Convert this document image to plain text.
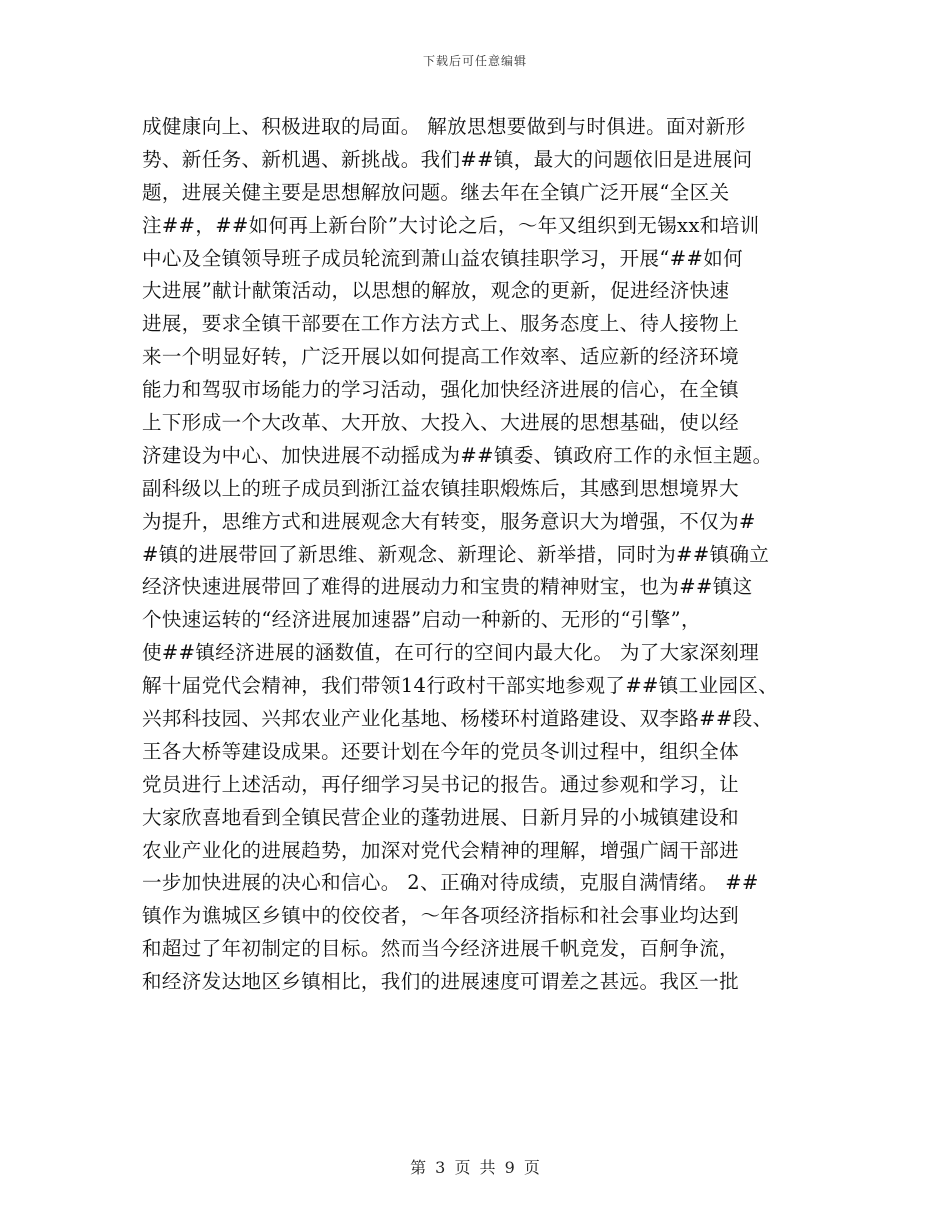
下载后可任意编辑
成健康向上、积极进取的局面。 解放思想要做到与时俱进。面对新形
势、新任务、新机遇、新挑战。我们##镇，最大的问题依旧是进展问
题，进展关健主要是思想解放问题。继去年在全镇广泛开展“全区关
注##，##如何再上新台阶”大讨论之后，～年又组织到无锡xx和培训
中心及全镇领导班子成员轮流到萧山益农镇挂职学习，开展“##如何
大进展”献计献策活动，以思想的解放，观念的更新，促进经济快速
进展，要求全镇干部要在工作方法方式上、服务态度上、待人接物上
来一个明显好转，广泛开展以如何提高工作效率、适应新的经济环境
能力和驾驭市场能力的学习活动，强化加快经济进展的信心，在全镇
上下形成一个大改革、大开放、大投入、大进展的思想基础，使以经
济建设为中心、加快进展不动摇成为##镇委、镇政府工作的永恒主题。
副科级以上的班子成员到浙江益农镇挂职煅炼后，其感到思想境界大
为提升，思维方式和进展观念大有转变，服务意识大为增强，不仅为#
#镇的进展带回了新思维、新观念、新理论、新举措，同时为##镇确立
经济快速进展带回了难得的进展动力和宝贵的精神财宝，也为##镇这
个快速运转的“经济进展加速器”启动一种新的、无形的“引擎”，
使##镇经济进展的涵数值，在可行的空间内最大化。 为了大家深刻理
解十届党代会精神，我们带领14行政村干部实地参观了##镇工业园区、
兴邦科技园、兴邦农业产业化基地、杨楼环村道路建设、双李路##段、
王各大桥等建设成果。还要计划在今年的党员冬训过程中，组织全体
党员进行上述活动，再仔细学习吴书记的报告。通过参观和学习，让
大家欣喜地看到全镇民营企业的蓬勃进展、日新月异的小城镇建设和
农业产业化的进展趋势，加深对党代会精神的理解，增强广阔干部进
一步加快进展的决心和信心。 2、正确对待成绩，克服自满情绪。 ##
镇作为谯城区乡镇中的佼佼者，～年各项经济指标和社会事业均达到
和超过了年初制定的目标。然而当今经济进展千帆竞发，百舸争流，
和经济发达地区乡镇相比，我们的进展速度可谓差之甚远。我区一批
第 3 页 共 9 页
